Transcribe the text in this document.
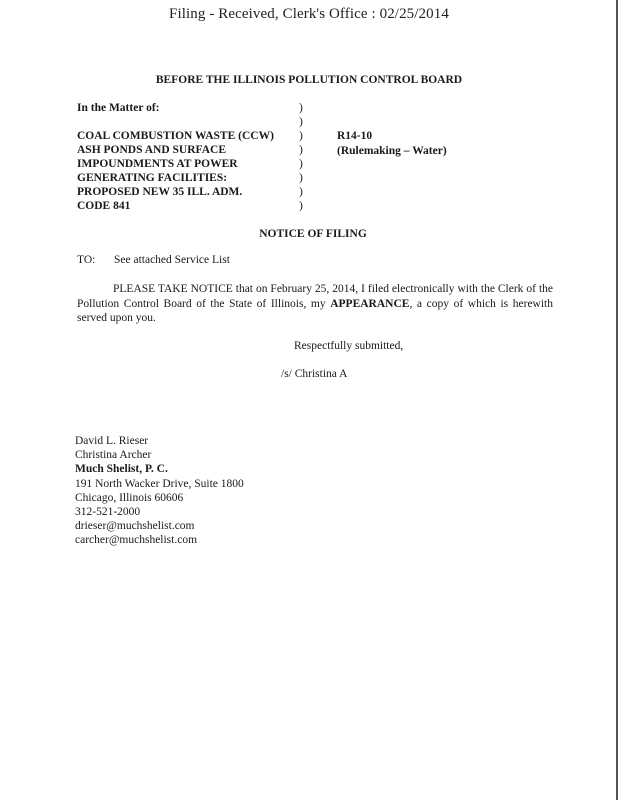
Filing - Received, Clerk's Office : 02/25/2014
BEFORE THE ILLINOIS POLLUTION CONTROL BOARD
In the Matter of:
COAL COMBUSTION WASTE (CCW)
ASH PONDS AND SURFACE
IMPOUNDMENTS AT POWER
GENERATING FACILITIES:
PROPOSED NEW 35 ILL. ADM.
CODE 841
)
)
)
)
)
)
)
)
R14-10
(Rulemaking – Water)
NOTICE OF FILING
TO: See attached Service List
PLEASE TAKE NOTICE that on February 25, 2014, I filed electronically with the Clerk of the Pollution Control Board of the State of Illinois, my APPEARANCE, a copy of which is herewith served upon you.
Respectfully submitted,
/s/ Christina A
David L. Rieser
Christina Archer
Much Shelist, P. C.
191 North Wacker Drive, Suite 1800
Chicago, Illinois 60606
312-521-2000
drieser@muchshelist.com
carcher@muchshelist.com
